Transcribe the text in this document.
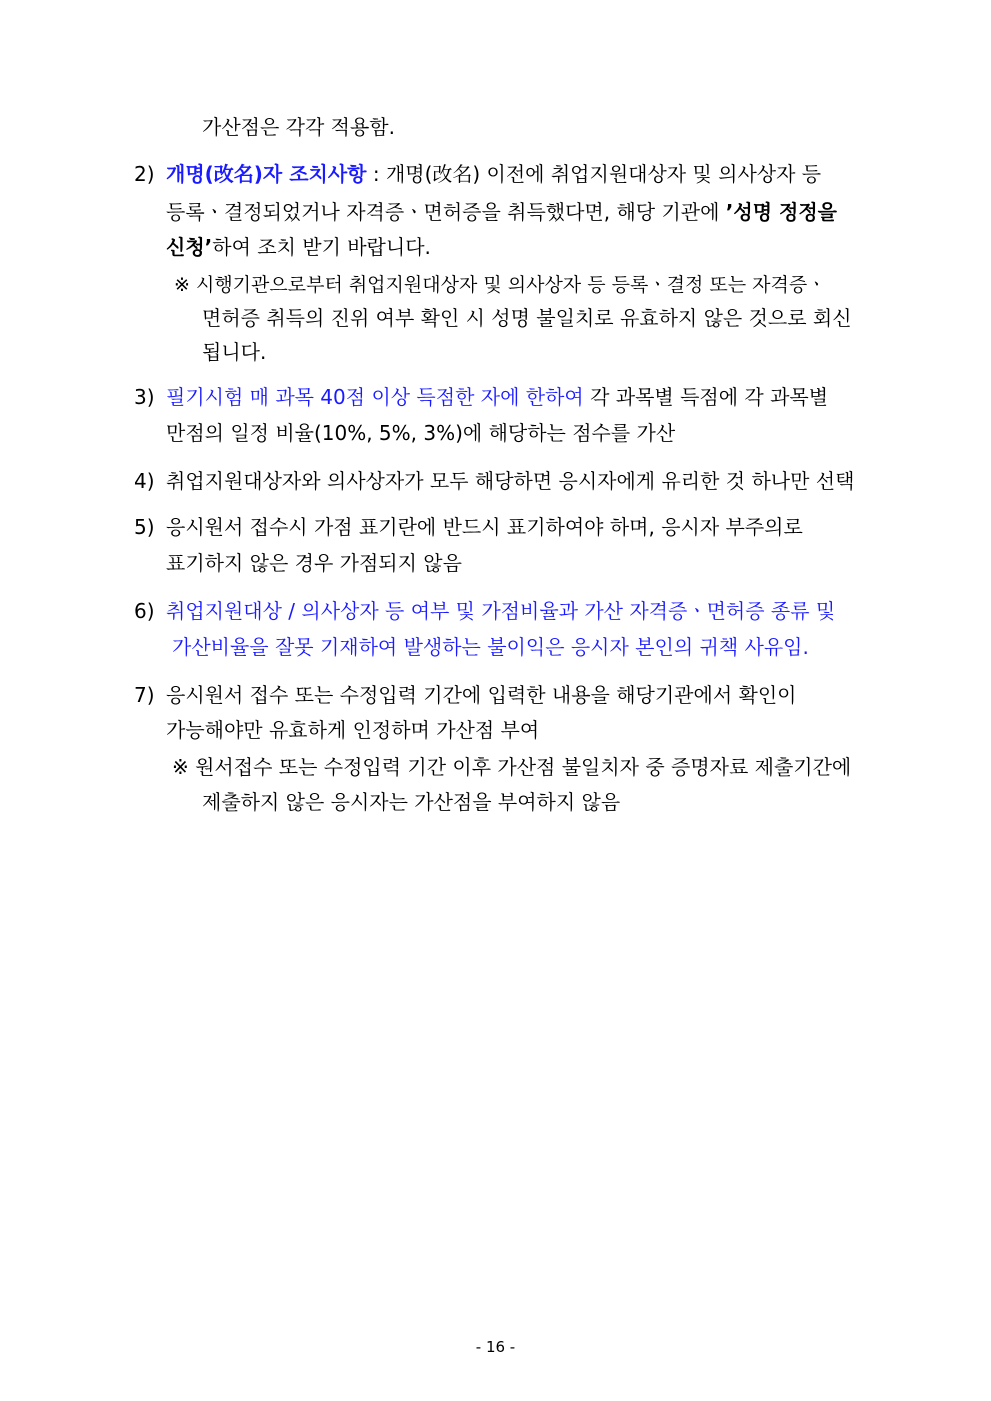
가산점은 각각 적용함.
2) 개명(改名)자 조치사항 : 개명(改名) 이전에 취업지원대상자 및 의사상자 등
등록ㆍ결정되었거나 자격증ㆍ면허증을 취득했다면, 해당 기관에 ’성명 정정을
신청’하여 조치 받기 바랍니다.
※ 시행기관으로부터 취업지원대상자 및 의사상자 등 등록ㆍ결정 또는 자격증ㆍ
면허증 취득의 진위 여부 확인 시 성명 불일치로 유효하지 않은 것으로 회신
됩니다.
3) 필기시험 매 과목 40점 이상 득점한 자에 한하여 각 과목별 득점에 각 과목별
만점의 일정 비율(10%, 5%, 3%)에 해당하는 점수를 가산
4) 취업지원대상자와 의사상자가 모두 해당하면 응시자에게 유리한 것 하나만 선택
5) 응시원서 접수시 가점 표기란에 반드시 표기하여야 하며, 응시자 부주의로
표기하지 않은 경우 가점되지 않음
6) 취업지원대상 / 의사상자 등 여부 및 가점비율과 가산 자격증ㆍ면허증 종류 및
가산비율을 잘못 기재하여 발생하는 불이익은 응시자 본인의 귀책 사유임.
7) 응시원서 접수 또는 수정입력 기간에 입력한 내용을 해당기관에서 확인이
가능해야만 유효하게 인정하며 가산점 부여
※ 원서접수 또는 수정입력 기간 이후 가산점 불일치자 중 증명자료 제출기간에
제출하지 않은 응시자는 가산점을 부여하지 않음
- 16 -
